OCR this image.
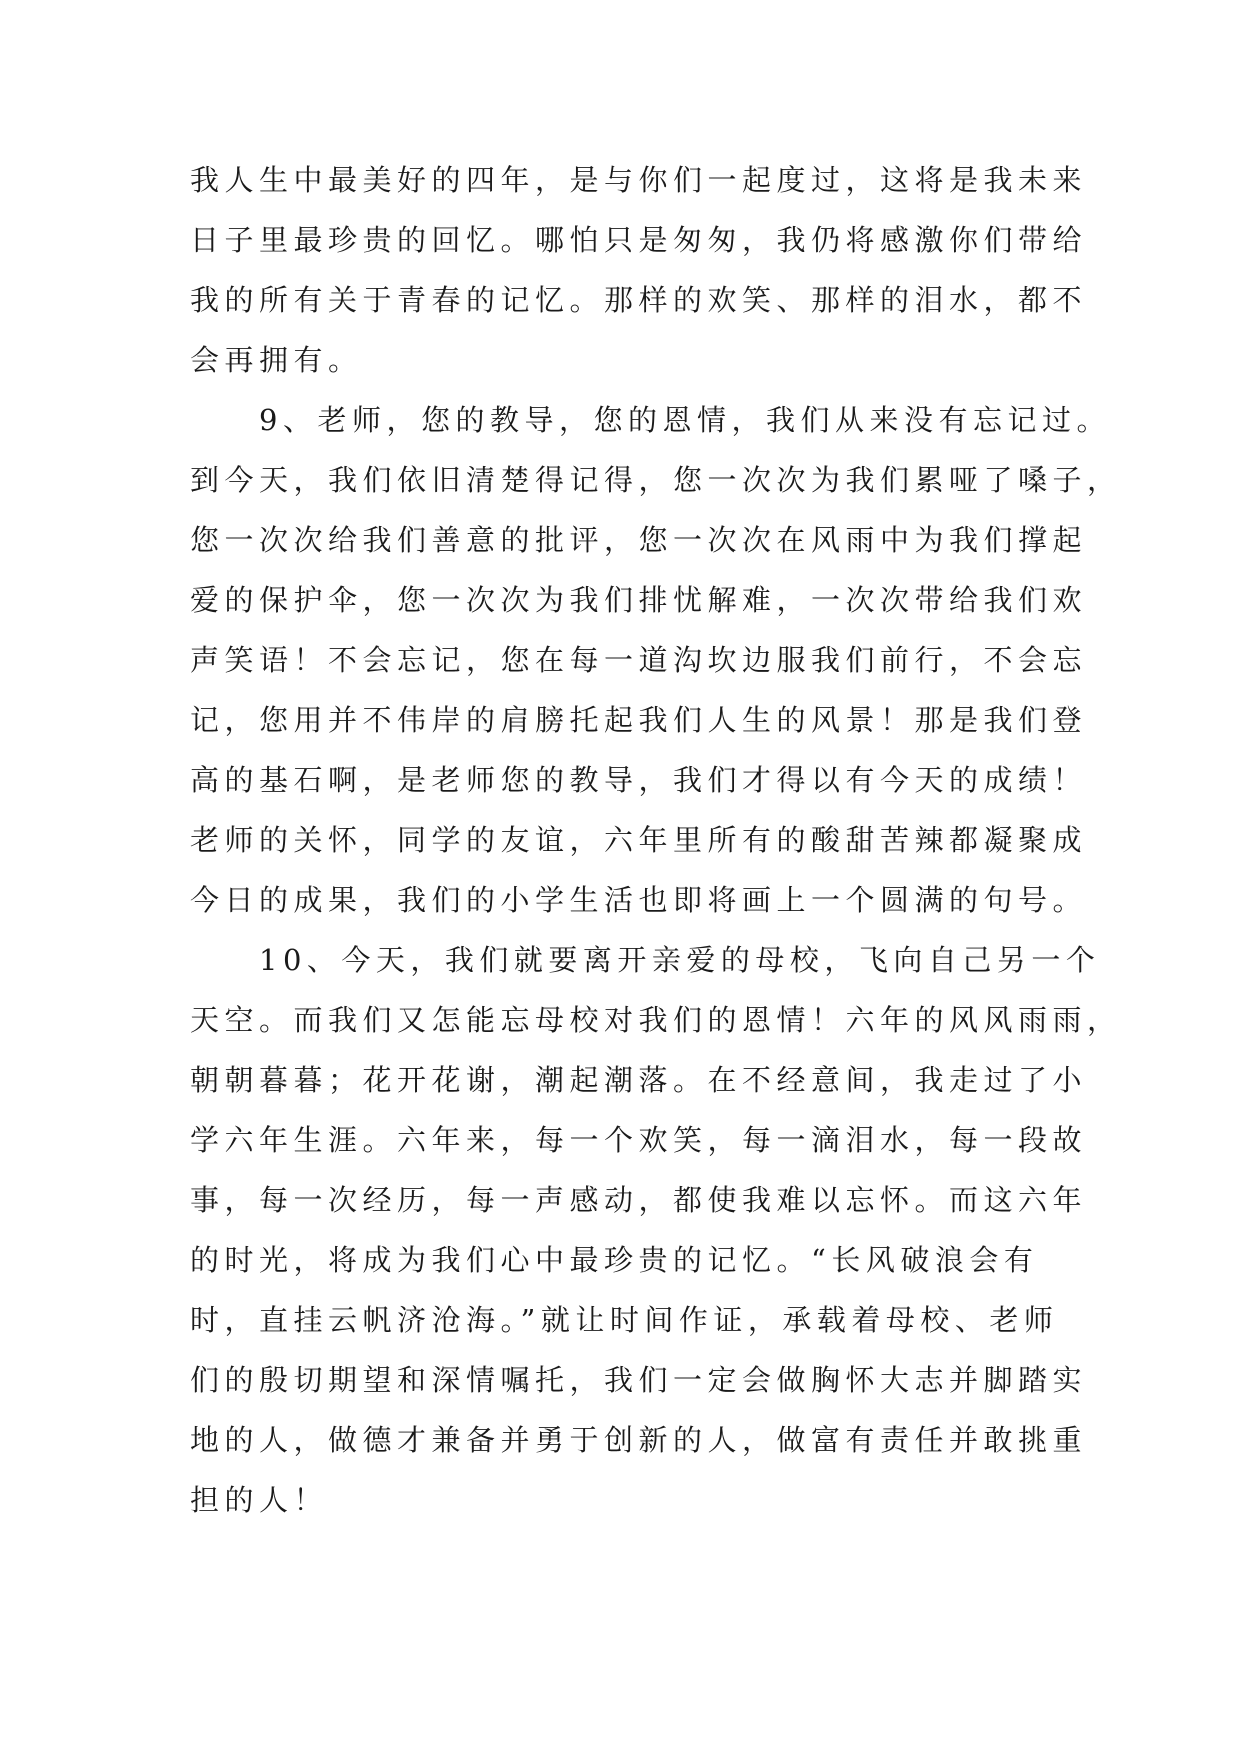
我人生中最美好的四年，是与你们一起度过，这将是我未来
日子里最珍贵的回忆。哪怕只是匆匆，我仍将感激你们带给
我的所有关于青春的记忆。那样的欢笑、那样的泪水，都不
会再拥有。
　　9、老师，您的教导，您的恩情，我们从来没有忘记过。
到今天，我们依旧清楚得记得，您一次次为我们累哑了嗓子，
您一次次给我们善意的批评，您一次次在风雨中为我们撑起
爱的保护伞，您一次次为我们排忧解难，一次次带给我们欢
声笑语！不会忘记，您在每一道沟坎边服我们前行，不会忘
记，您用并不伟岸的肩膀托起我们人生的风景！那是我们登
高的基石啊，是老师您的教导，我们才得以有今天的成绩！
老师的关怀，同学的友谊，六年里所有的酸甜苦辣都凝聚成
今日的成果，我们的小学生活也即将画上一个圆满的句号。
　　10、今天，我们就要离开亲爱的母校，飞向自己另一个
天空。而我们又怎能忘母校对我们的恩情！六年的风风雨雨，
朝朝暮暮；花开花谢，潮起潮落。在不经意间，我走过了小
学六年生涯。六年来，每一个欢笑，每一滴泪水，每一段故
事，每一次经历，每一声感动，都使我难以忘怀。而这六年
的时光，将成为我们心中最珍贵的记忆。“长风破浪会有
时，直挂云帆济沧海。”就让时间作证，承载着母校、老师
们的殷切期望和深情嘱托，我们一定会做胸怀大志并脚踏实
地的人，做德才兼备并勇于创新的人，做富有责任并敢挑重
担的人！
